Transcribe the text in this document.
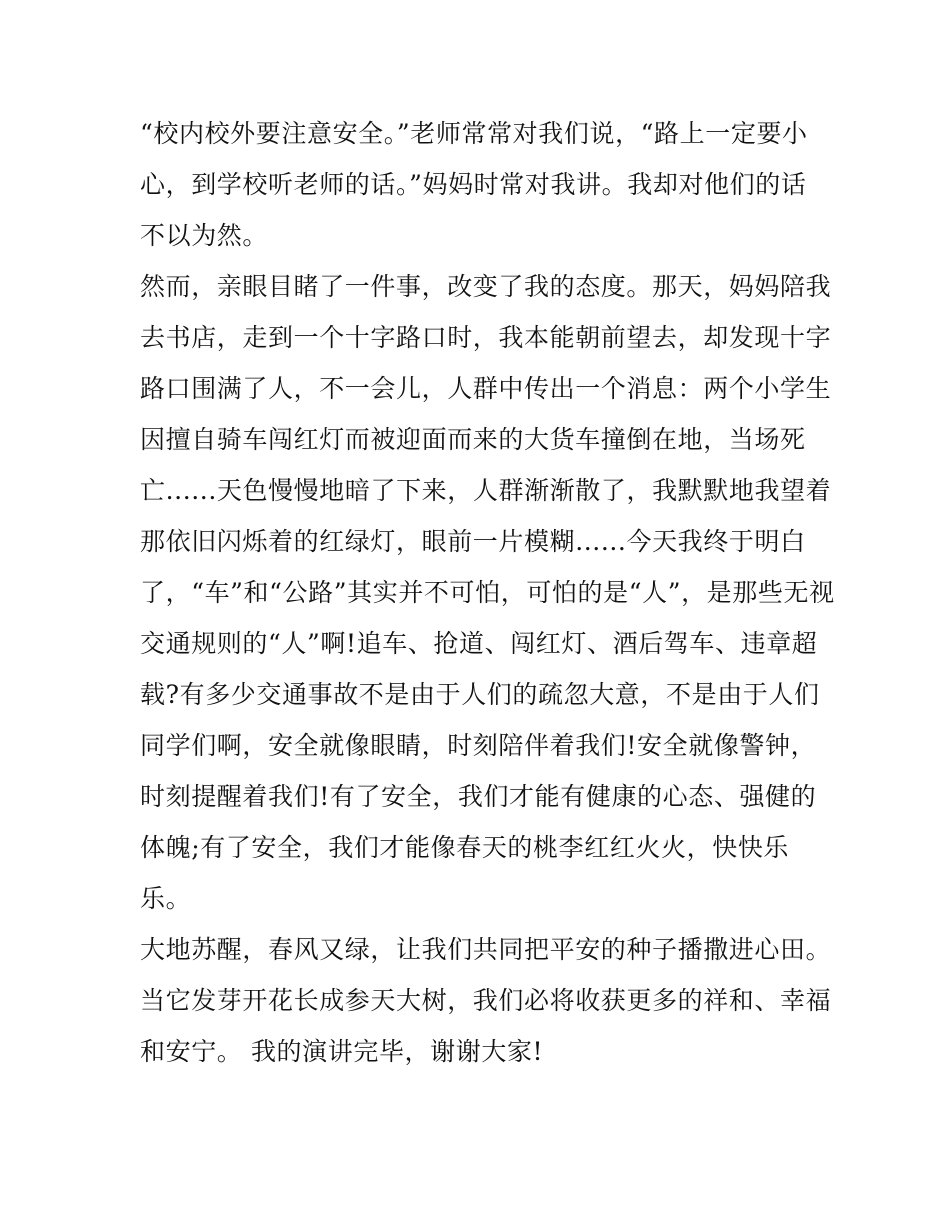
“校内校外要注意安全。”老师常常对我们说，“路上一定要小
心，到学校听老师的话。”妈妈时常对我讲。我却对他们的话
不以为然。
然而，亲眼目睹了一件事，改变了我的态度。那天，妈妈陪我
去书店，走到一个十字路口时，我本能朝前望去，却发现十字
路口围满了人，不一会儿，人群中传出一个消息：两个小学生
因擅自骑车闯红灯而被迎面而来的大货车撞倒在地，当场死
亡......天色慢慢地暗了下来，人群渐渐散了，我默默地我望着
那依旧闪烁着的红绿灯，眼前一片模糊......今天我终于明白
了，“车”和“公路”其实并不可怕，可怕的是“人”，是那些无视
交通规则的“人”啊!追车、抢道、闯红灯、酒后驾车、违章超
载?有多少交通事故不是由于人们的疏忽大意，不是由于人们
同学们啊，安全就像眼睛，时刻陪伴着我们!安全就像警钟，
时刻提醒着我们!有了安全，我们才能有健康的心态、强健的
体魄;有了安全，我们才能像春天的桃李红红火火，快快乐
乐。
大地苏醒，春风又绿，让我们共同把平安的种子播撒进心田。
当它发芽开花长成参天大树，我们必将收获更多的祥和、幸福
和安宁。 我的演讲完毕，谢谢大家!
